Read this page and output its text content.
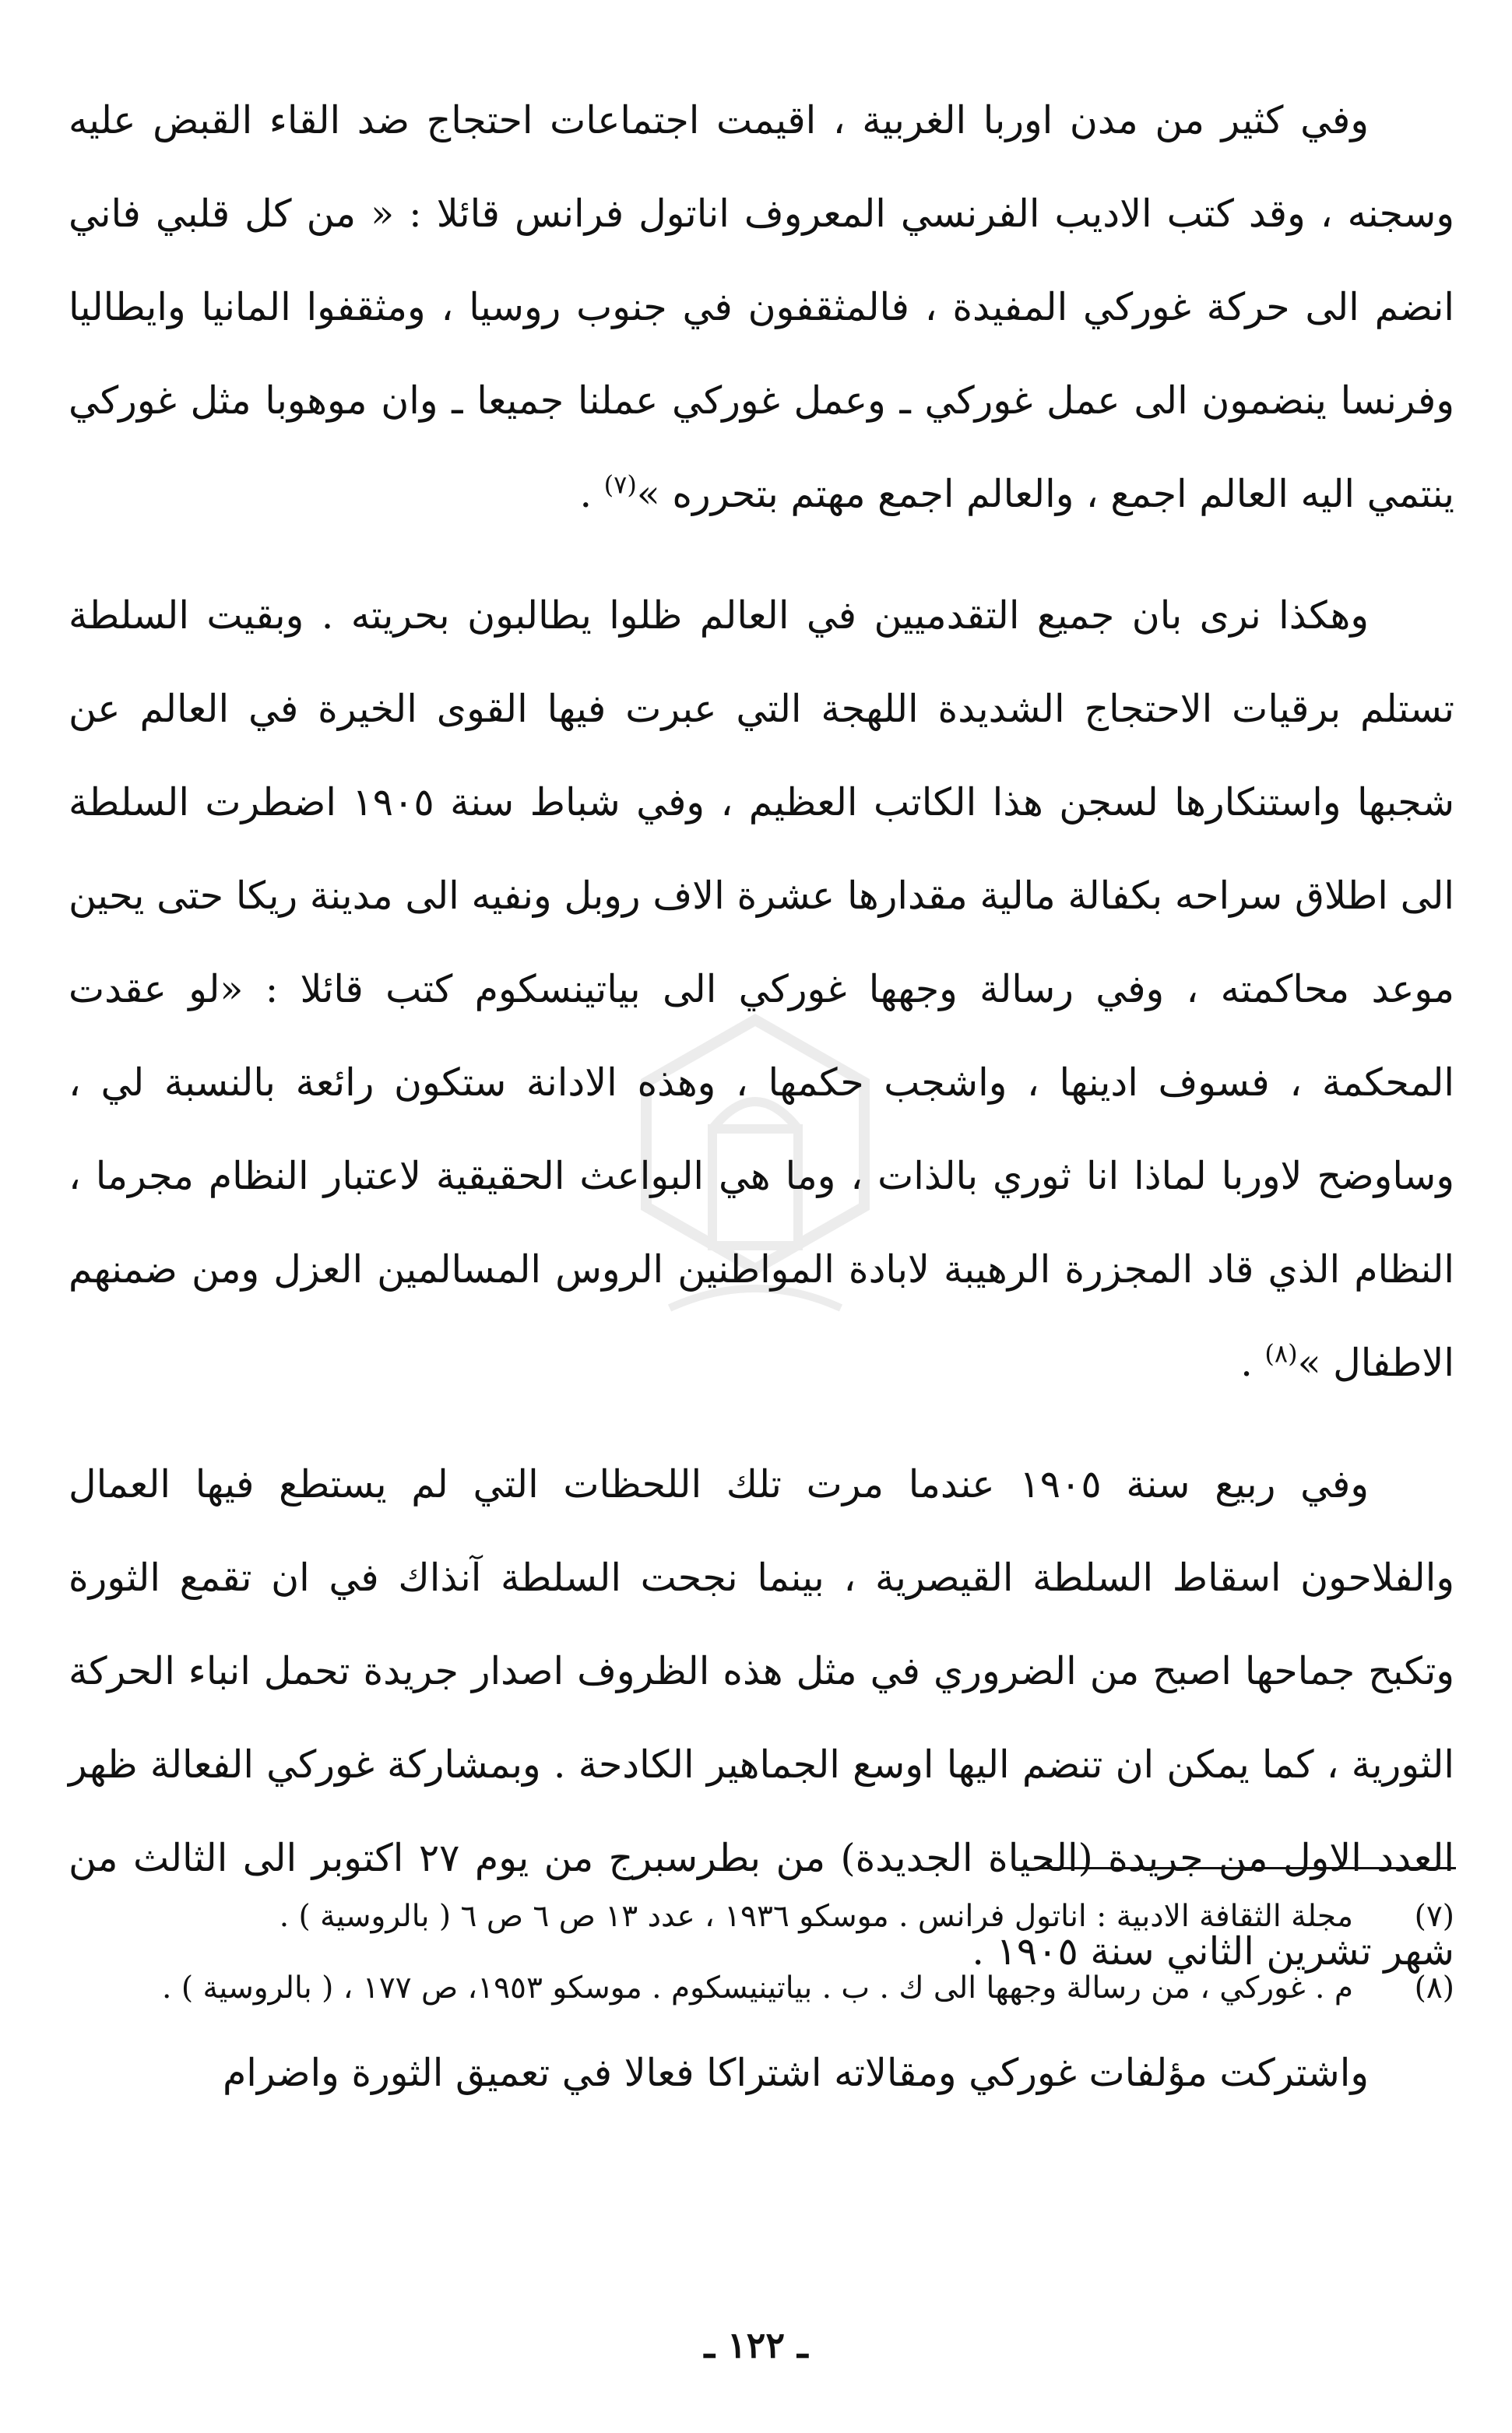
وفي كثير من مدن اوربا الغربية ، اقيمت اجتماعات احتجاج ضد القاء القبض عليه وسجنه ، وقد كتب الاديب الفرنسي المعروف اناتول فرانس قائلا : « من كل قلبي فاني انضم الى حركة غوركي المفيدة ، فالمثقفون في جنوب روسيا ، ومثقفوا المانيا وايطاليا وفرنسا ينضمون الى عمل غوركي ـ وعمل غوركي عملنا جميعا ـ وان موهوبا مثل غوركي ينتمي اليه العالم اجمع ، والعالم اجمع مهتم بتحرره »$^{(٧)}$ .

وهكذا نرى بان جميع التقدميين في العالم ظلوا يطالبون بحريته . وبقيت السلطة تستلم برقيات الاحتجاج الشديدة اللهجة التي عبرت فيها القوى الخيرة في العالم عن شجبها واستنكارها لسجن هذا الكاتب العظيم ، وفي شباط سنة ١٩٠٥ اضطرت السلطة الى اطلاق سراحه بكفالة مالية مقدارها عشرة الاف روبل ونفيه الى مدينة ريكا حتى يحين موعد محاكمته ، وفي رسالة وجهها غوركي الى بياتينسكوم كتب قائلا : «لو عقدت المحكمة ، فسوف ادينها ، واشجب حكمها ، وهذه الادانة ستكون رائعة بالنسبة لي ، وساوضح لاوربا لماذا انا ثوري بالذات ، وما هي البواعث الحقيقية لاعتبار النظام مجرما ، النظام الذي قاد المجزرة الرهيبة لابادة المواطنين الروس المسالمين العزل ومن ضمنهم الاطفال »$^{(٨)}$ .

وفي ربيع سنة ١٩٠٥ عندما مرت تلك اللحظات التي لم يستطع فيها العمال والفلاحون اسقاط السلطة القيصرية ، بينما نجحت السلطة آنذاك في ان تقمع الثورة وتكبح جماحها اصبح من الضروري في مثل هذه الظروف اصدار جريدة تحمل انباء الحركة الثورية ، كما يمكن ان تنضم اليها اوسع الجماهير الكادحة . وبمشاركة غوركي الفعالة ظهر العدد الاول من جريدة (الحياة الجديدة) من بطرسبرج من يوم ٢٧ اكتوبر الى الثالث من شهر تشرين الثاني سنة ١٩٠٥ .

واشتركت مؤلفات غوركي ومقالاته اشتراكا فعالا في تعميق الثورة واضرام

(٧)
مجلة الثقافة الادبية : اناتول فرانس . موسكو ١٩٣٦ ، عدد ١٣ ص ٦ ص ٦ ( بالروسية ) .
(٨)
م . غوركي ، من رسالة وجهها الى ك . ب . بياتينيسكوم . موسكو ١٩٥٣، ص ١٧٧ ، ( بالروسية ) .
ـ ١٢٢ ـ
